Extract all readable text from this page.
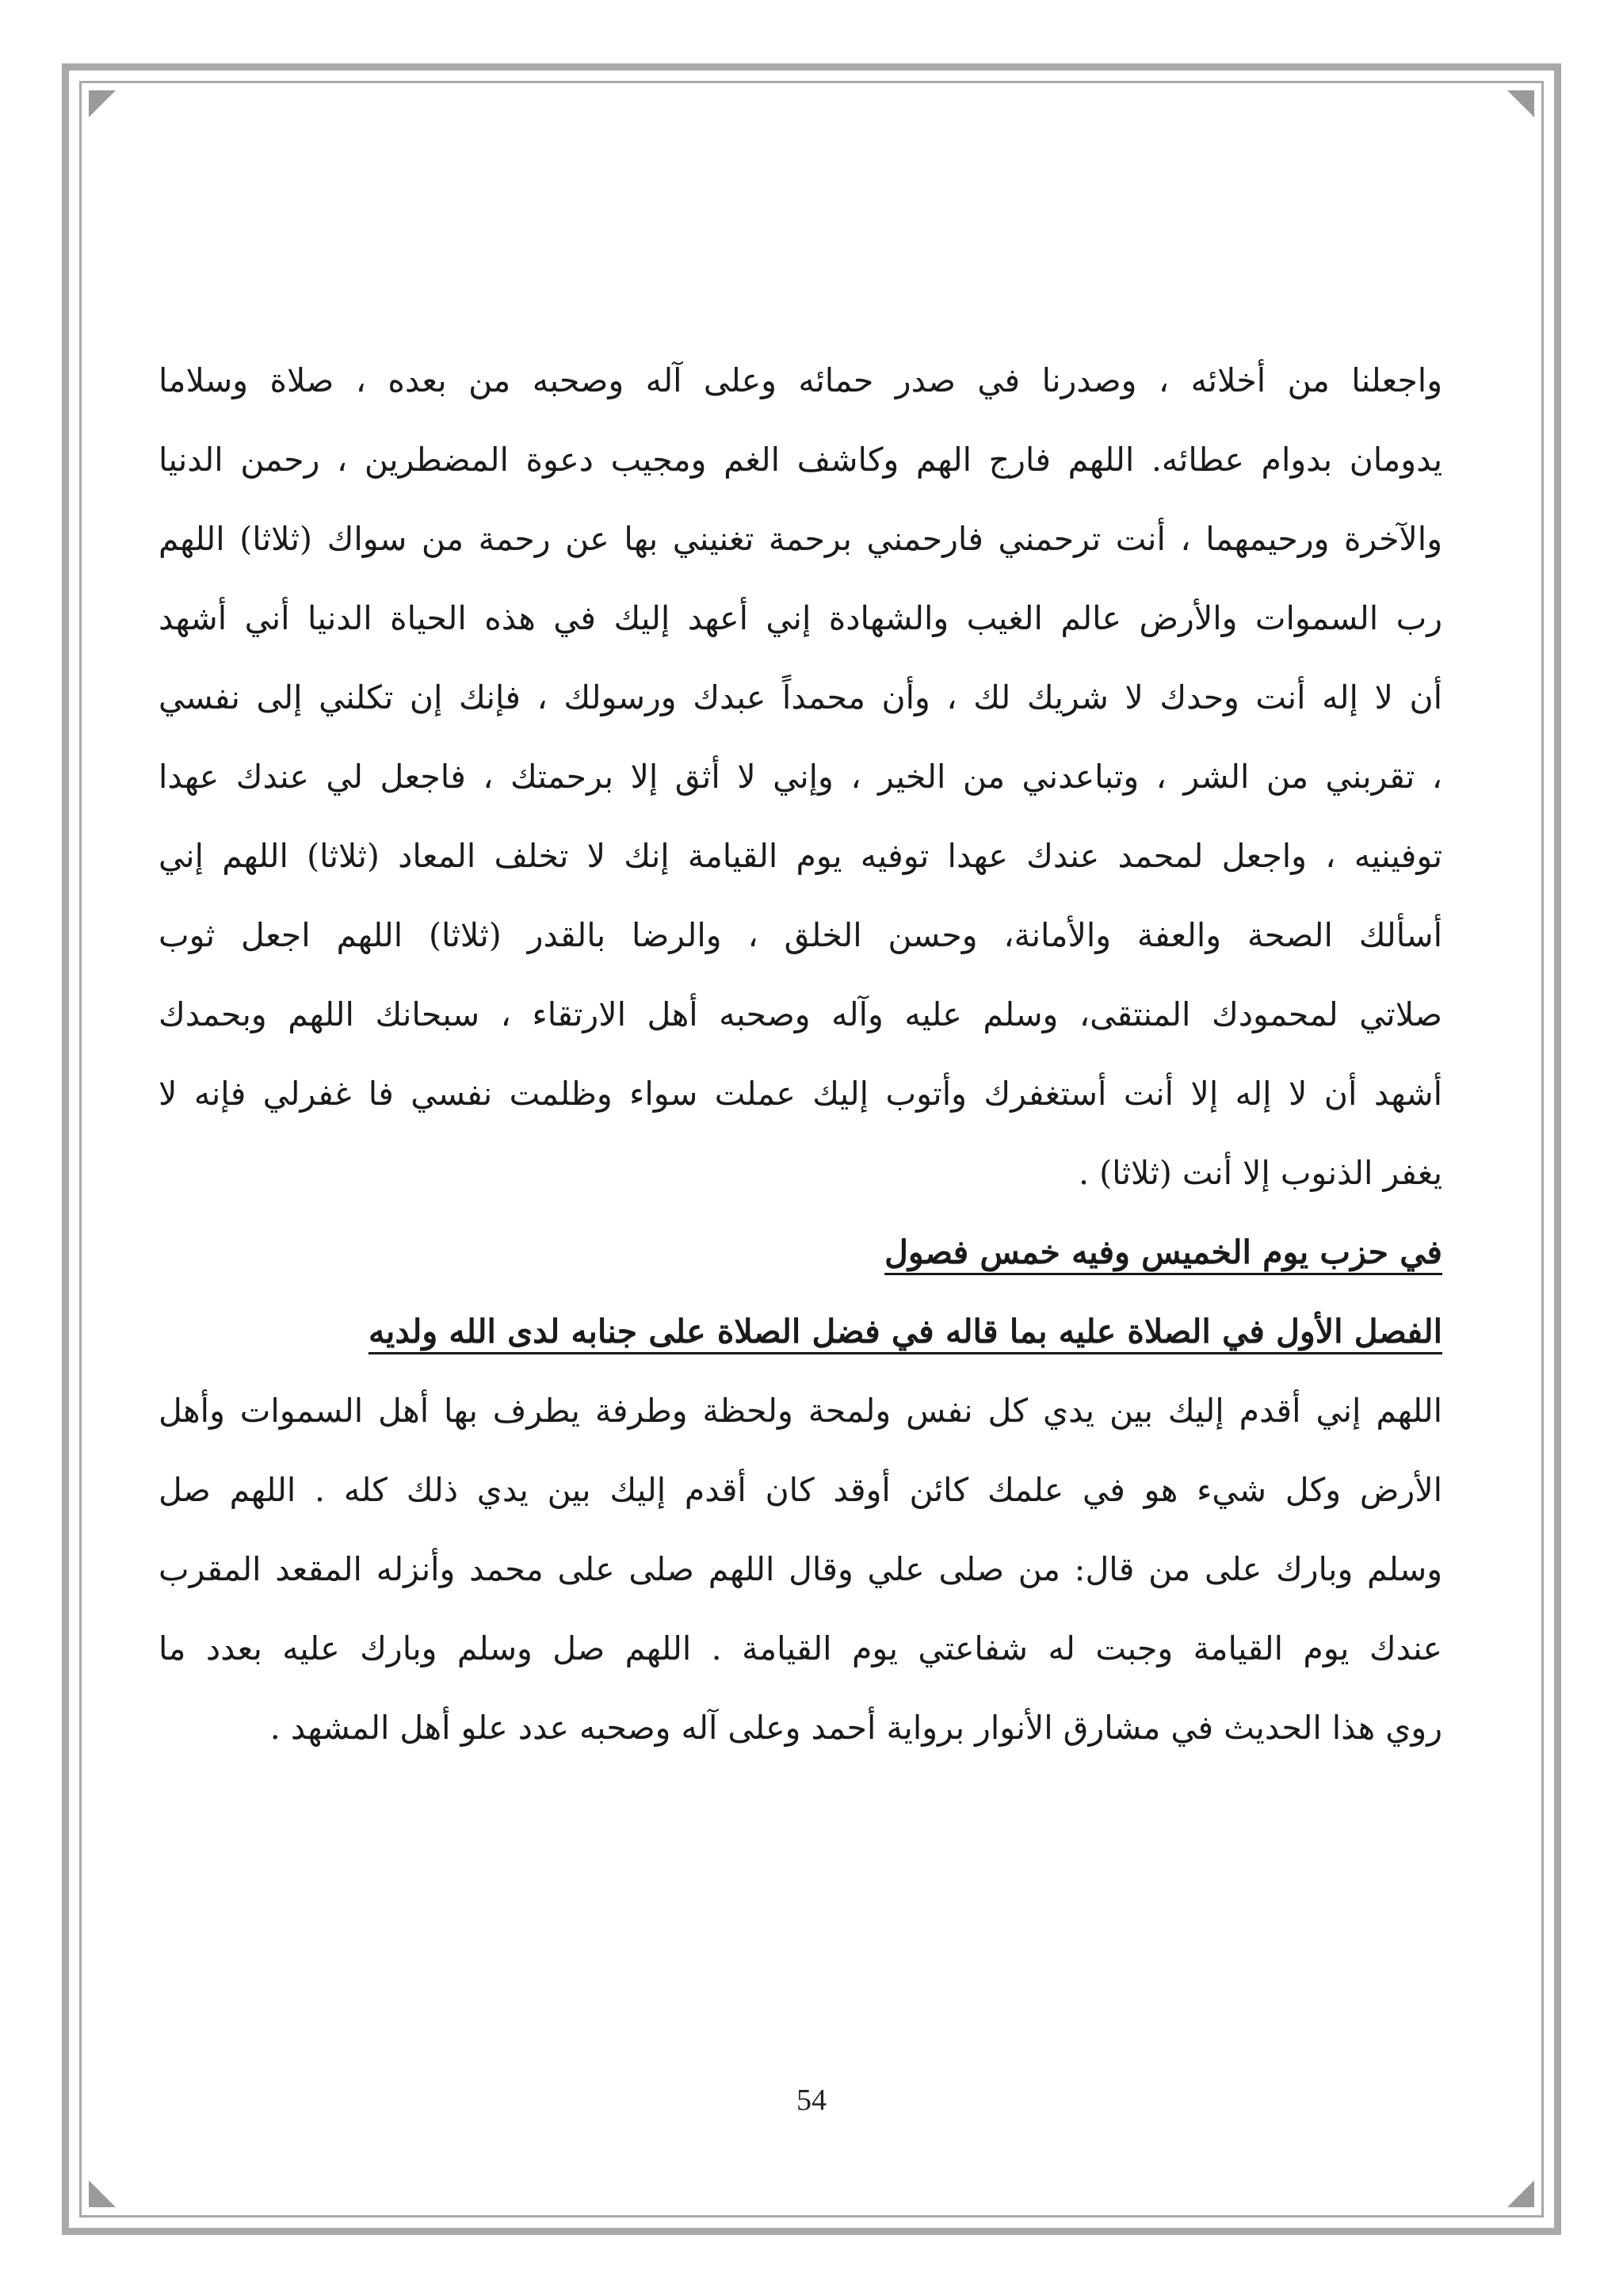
واجعلنا من أخلائه ، وصدرنا في صدر حمائه وعلى آله وصحبه من بعده ، صلاة وسلاما
يدومان بدوام عطائه. اللهم فارج الهم وكاشف الغم ومجيب دعوة المضطرين ، رحمن الدنيا
والآخرة ورحيمهما ، أنت ترحمني فارحمني برحمة تغنيني بها عن رحمة من سواك (ثلاثا) اللهم
رب السموات والأرض عالم الغيب والشهادة إني أعهد إليك في هذه الحياة الدنيا أني أشهد
أن لا إله أنت وحدك لا شريك لك ، وأن محمداً عبدك ورسولك ، فإنك إن تكلني إلى نفسي
، تقربني من الشر ، وتباعدني من الخير ، وإني لا أثق إلا برحمتك ، فاجعل لي عندك عهدا
توفينيه ، واجعل لمحمد عندك عهدا توفيه يوم القيامة إنك لا تخلف المعاد (ثلاثا) اللهم إني
أسألك الصحة والعفة والأمانة، وحسن الخلق ، والرضا بالقدر (ثلاثا) اللهم اجعل ثوب
صلاتي لمحمودك المنتقى، وسلم عليه وآله وصحبه أهل الارتقاء ، سبحانك اللهم وبحمدك
أشهد أن لا إله إلا أنت أستغفرك وأتوب إليك عملت سواء وظلمت نفسي فا غفرلي فإنه لا
يغفر الذنوب إلا أنت (ثلاثا) .
في حزب يوم الخميس وفيه خمس فصول
الفصل الأول في الصلاة عليه بما قاله في فضل الصلاة على جنابه لدى الله ولديه
اللهم إني أقدم إليك بين يدي كل نفس ولمحة ولحظة وطرفة يطرف بها أهل السموات وأهل
الأرض وكل شيء هو في علمك كائن أوقد كان أقدم إليك بين يدي ذلك كله . اللهم صل
وسلم وبارك على من قال: من صلى علي وقال اللهم صلى على محمد وأنزله المقعد المقرب
عندك يوم القيامة وجبت له شفاعتي يوم القيامة . اللهم صل وسلم وبارك عليه بعدد ما
روي هذا الحديث في مشارق الأنوار برواية أحمد وعلى آله وصحبه عدد علو أهل المشهد .
54
